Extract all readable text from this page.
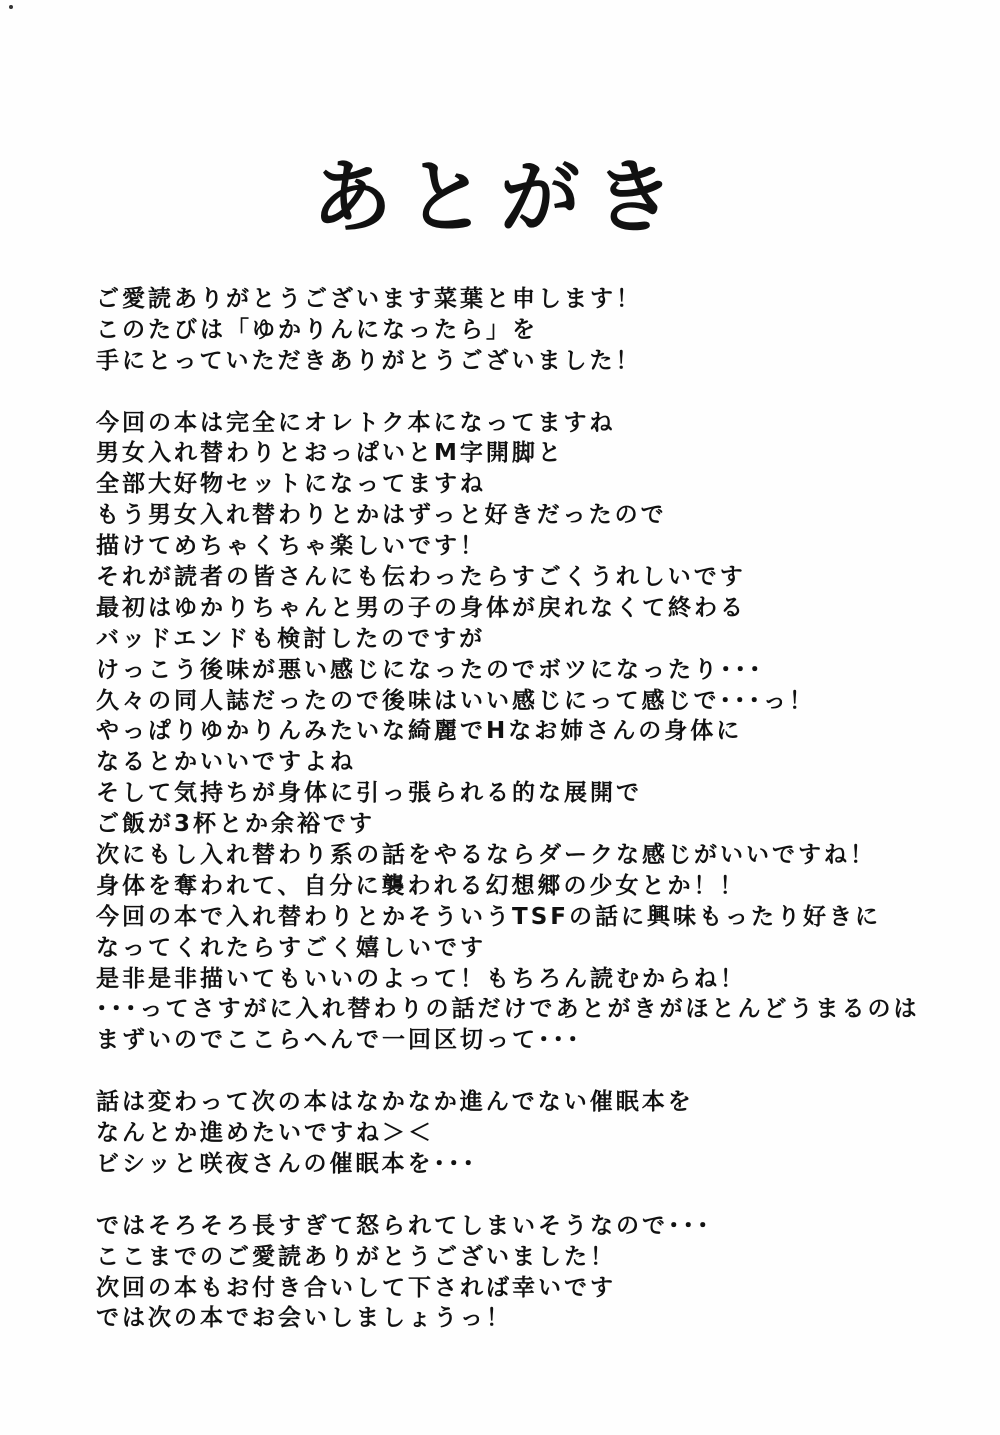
あとがき
ご愛読ありがとうございます菜葉と申します！
このたびは「ゆかりんになったら」を
手にとっていただきありがとうございました！
今回の本は完全にオレトク本になってますね
男女入れ替わりとおっぱいとM字開脚と
全部大好物セットになってますね
もう男女入れ替わりとかはずっと好きだったので
描けてめちゃくちゃ楽しいです！
それが読者の皆さんにも伝わったらすごくうれしいです
最初はゆかりちゃんと男の子の身体が戻れなくて終わる
バッドエンドも検討したのですが
けっこう後味が悪い感じになったのでボツになったり･･･
久々の同人誌だったので後味はいい感じにって感じで･･･っ！
やっぱりゆかりんみたいな綺麗でHなお姉さんの身体に
なるとかいいですよね
そして気持ちが身体に引っ張られる的な展開で
ご飯が3杯とか余裕です
次にもし入れ替わり系の話をやるならダークな感じがいいですね！
身体を奪われて、自分に襲われる幻想郷の少女とか！！
今回の本で入れ替わりとかそういうTSFの話に興味もったり好きに
なってくれたらすごく嬉しいです
是非是非描いてもいいのよって！もちろん読むからね！
･･･ってさすがに入れ替わりの話だけであとがきがほとんどうまるのは
まずいのでここらへんで一回区切って･･･
話は変わって次の本はなかなか進んでない催眠本を
なんとか進めたいですね＞＜
ビシッと咲夜さんの催眠本を･･･
ではそろそろ長すぎて怒られてしまいそうなので･･･
ここまでのご愛読ありがとうございました！
次回の本もお付き合いして下されば幸いです
では次の本でお会いしましょうっ！
